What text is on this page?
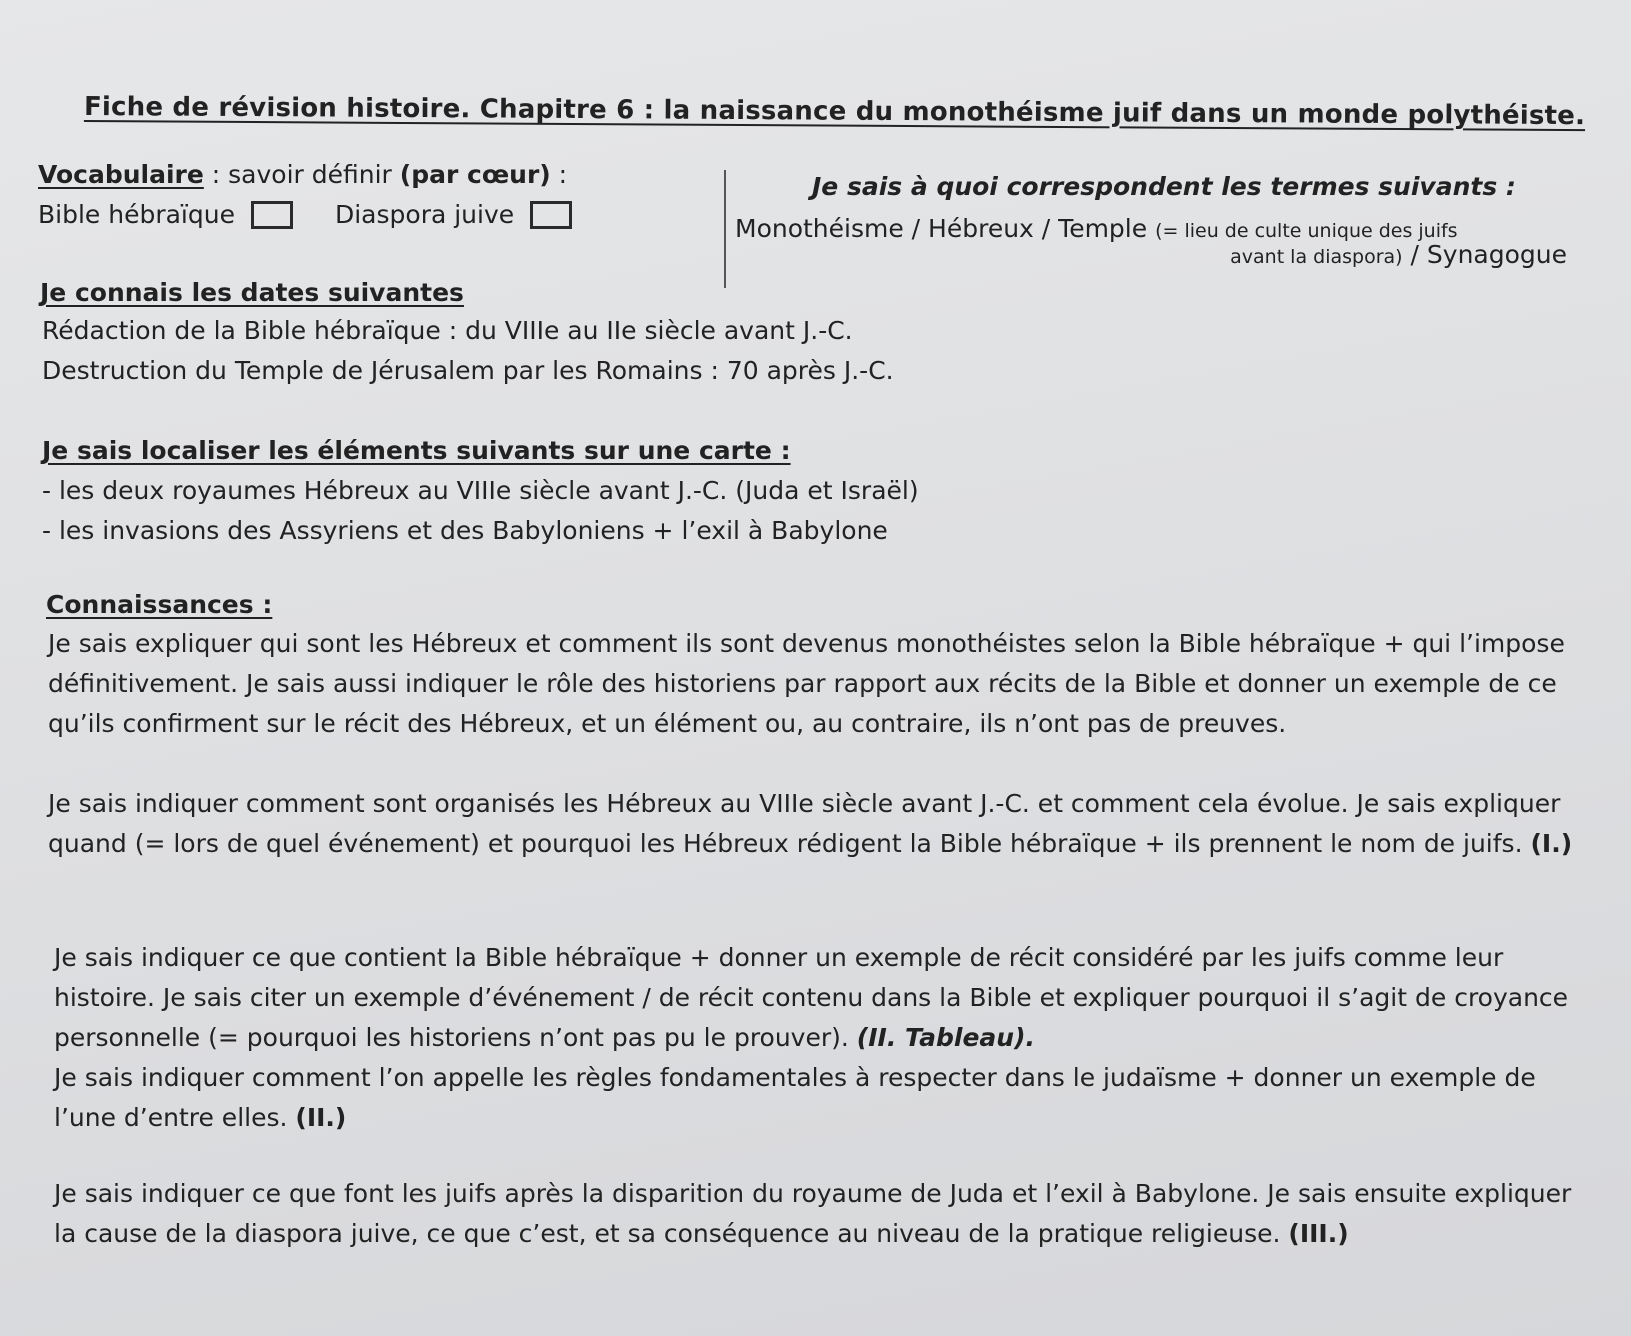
Fiche de révision histoire. Chapitre 6 : la naissance du monothéisme juif dans un monde polythéiste.
Vocabulaire : savoir définir (par cœur) :
Bible hébraïque	Diaspora juive
Je sais à quoi correspondent les termes suivants :
Monothéisme / Hébreux / Temple (= lieu de culte unique des juifs
avant la diaspora) / Synagogue
Je connais les dates suivantes
Rédaction de la Bible hébraïque : du VIIIe au IIe siècle avant J.-C.
Destruction du Temple de Jérusalem par les Romains : 70 après J.-C.
Je sais localiser les éléments suivants sur une carte :
- les deux royaumes Hébreux au VIIIe siècle avant J.-C. (Juda et Israël)
- les invasions des Assyriens et des Babyloniens + l’exil à Babylone
Connaissances :
Je sais expliquer qui sont les Hébreux et comment ils sont devenus monothéistes selon la Bible hébraïque + qui l’impose définitivement. Je sais aussi indiquer le rôle des historiens par rapport aux récits de la Bible et donner un exemple de ce qu’ils confirment sur le récit des Hébreux, et un élément ou, au contraire, ils n’ont pas de preuves.
Je sais indiquer comment sont organisés les Hébreux au VIIIe siècle avant J.-C. et comment cela évolue. Je sais expliquer quand (= lors de quel événement) et pourquoi les Hébreux rédigent la Bible hébraïque + ils prennent le nom de juifs. (I.)
Je sais indiquer ce que contient la Bible hébraïque + donner un exemple de récit considéré par les juifs comme leur histoire. Je sais citer un exemple d’événement / de récit contenu dans la Bible et expliquer pourquoi il s’agit de croyance personnelle (= pourquoi les historiens n’ont pas pu le prouver). (II. Tableau).
Je sais indiquer comment l’on appelle les règles fondamentales à respecter dans le judaïsme + donner un exemple de l’une d’entre elles. (II.)
Je sais indiquer ce que font les juifs après la disparition du royaume de Juda et l’exil à Babylone. Je sais ensuite expliquer la cause de la diaspora juive, ce que c’est, et sa conséquence au niveau de la pratique religieuse. (III.)
